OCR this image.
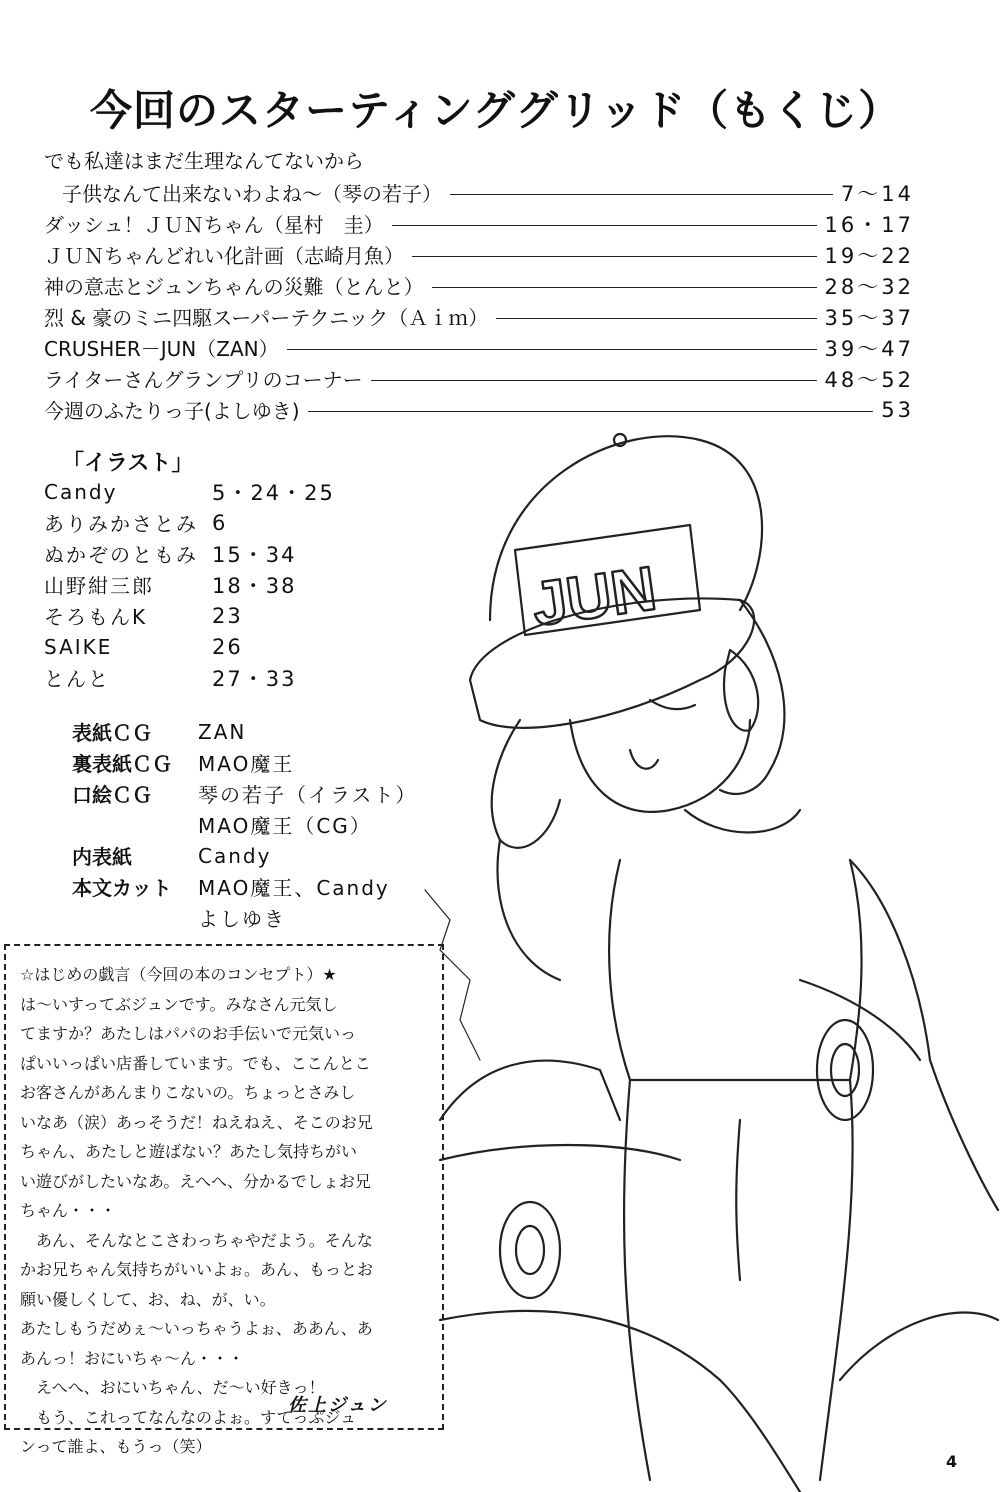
今回のスターティンググリッド（もくじ）
でも私達はまだ生理なんてないから
子供なんて出来ないわよね～（琴の若子）	7～14
ダッシュ！ＪＵＮちゃん（星村　圭）	16・17
ＪＵＮちゃんどれい化計画（志崎月魚）	19～22
神の意志とジュンちゃんの災難（とんと）	28～32
烈 & 豪のミニ四駆スーパーテクニック（Ａｉｍ）	35～37
CRUSHER－JUN（ZAN）	39～47
ライターさんグランプリのコーナー	48～52
今週のふたりっ子(よしゆき)	53
「イラスト」
Candy	5・24・25
ありみかさとみ 6
ぬかぞのともみ 15・34
山野紺三郎	18・38
そろもんK	23
SAIKE	26
とんと	27・33
表紙ＣＧ	ZAN
裏表紙ＣＧ	MAO魔王
口絵ＣＧ	琴の若子（イラスト）
MAO魔王（CG）
内表紙	Candy
本文カット	MAO魔王、Candy
よしゆき
JUN

☆はじめの戯言（今回の本のコンセプト）★

は～いすってぶジュンです。みなさん元気し

てますか？あたしはパパのお手伝いで元気いっ

ぱいいっぱい店番しています。でも、ここんとこ

お客さんがあんまりこないの。ちょっとさみし

いなあ（涙）あっそうだ！ねえねえ、そこのお兄

ちゃん、あたしと遊ばない？あたし気持ちがい

い遊びがしたいなあ。えへへ、分かるでしょお兄

ちゃん・・・

　あん、そんなとこさわっちゃやだよう。そんな

かお兄ちゃん気持ちがいいよぉ。あん、もっとお

願い優しくして、お、ね、が、い。

あたしもうだめぇ～いっちゃうよぉ、ああん、あ

あんっ！おにいちゃ～ん・・・

　えへへ、おにいちゃん、だ～い好きっ！

　もう、これってなんなのよぉ。すてっぷジュ

ンって誰よ、もうっ（笑）

佐上ジュン
4
